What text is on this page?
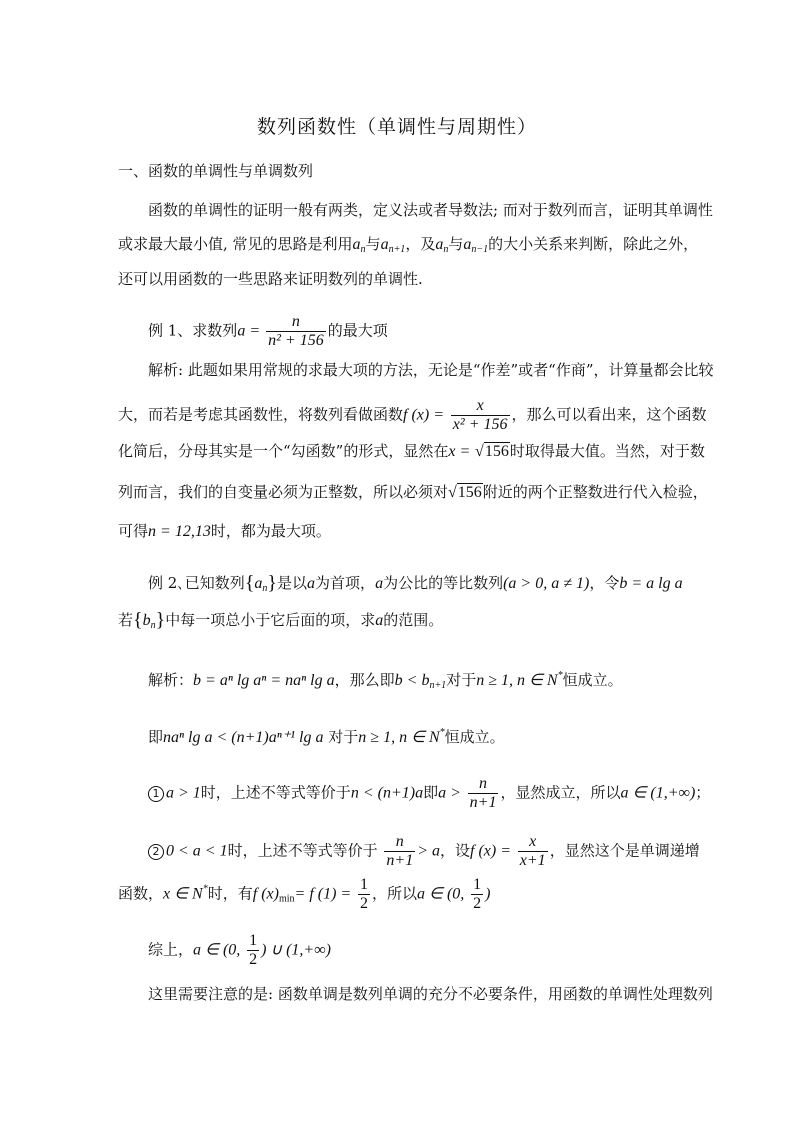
数列函数性（单调性与周期性）
一、函数的单调性与单调数列
函数的单调性的证明一般有两类，定义法或者导数法; 而对于数列而言，证明其单调性
或求最大最小值, 常见的思路是利用$a_n$与$a_{n+1}$，及$a_n$与$a_{n-1}$的大小关系来判断，除此之外，
还可以用函数的一些思路来证明数列的单调性.
例 1、求数列$a = \frac{n}{\text{n² + 156}}$ 的最大项
解析: 此题如果用常规的求最大项的方法，无论是“作差”或者“作商”，计算量都会比较
大，而若是考虑其函数性，将数列看做函数f $(x) = \frac{x}{\text{x² + 156}}$ ，那么可以看出来，这个函数
化简后，分母其实是一个“勾函数”的形式，显然在x = √156时取得最大值。当然，对于数
列而言，我们的自变量必须为正整数，所以必须对√156附近的两个正整数进行代入检验，
可得n = 12,13时，都为最大项。
例 2､已知数列$\{a_n\}$是以a为首项，a为公比的等比数列(a > 0, a ≠ 1)，令b = a lg a
若$\{b_n\}$中每一项总小于它后面的项，求a的范围。
解析：b = aⁿ lg aⁿ = naⁿ lg a，那么即$b < b_{n+1}$对于n ≥ 1, n ∈ N*恒成立。
即naⁿ lg a < (n+1)aⁿ⁺¹ lg a 对于n ≥ 1, n ∈ N*恒成立。
1 a > 1时，上述不等式等价于n < (n+1)a即$a > \frac{n}{n+1}$ ，显然成立，所以a ∈ (1,+∞)；
2 0 < a < 1时，上述不等式等价于 $\frac{n}{n+1} > a$，设f $(x) = \frac{x}{x+1}$ ，显然这个是单调递增
函数，x ∈ N*时，有f $(x)_{min}= f$ $(1) = \frac{1}{2}$ ，所以a ∈ (0, $\frac{1}{2}$ )
综上，a ∈ (0, $\frac{1}{2}$ ) ∪ (1,+∞)
这里需要注意的是: 函数单调是数列单调的充分不必要条件，用函数的单调性处理数列
